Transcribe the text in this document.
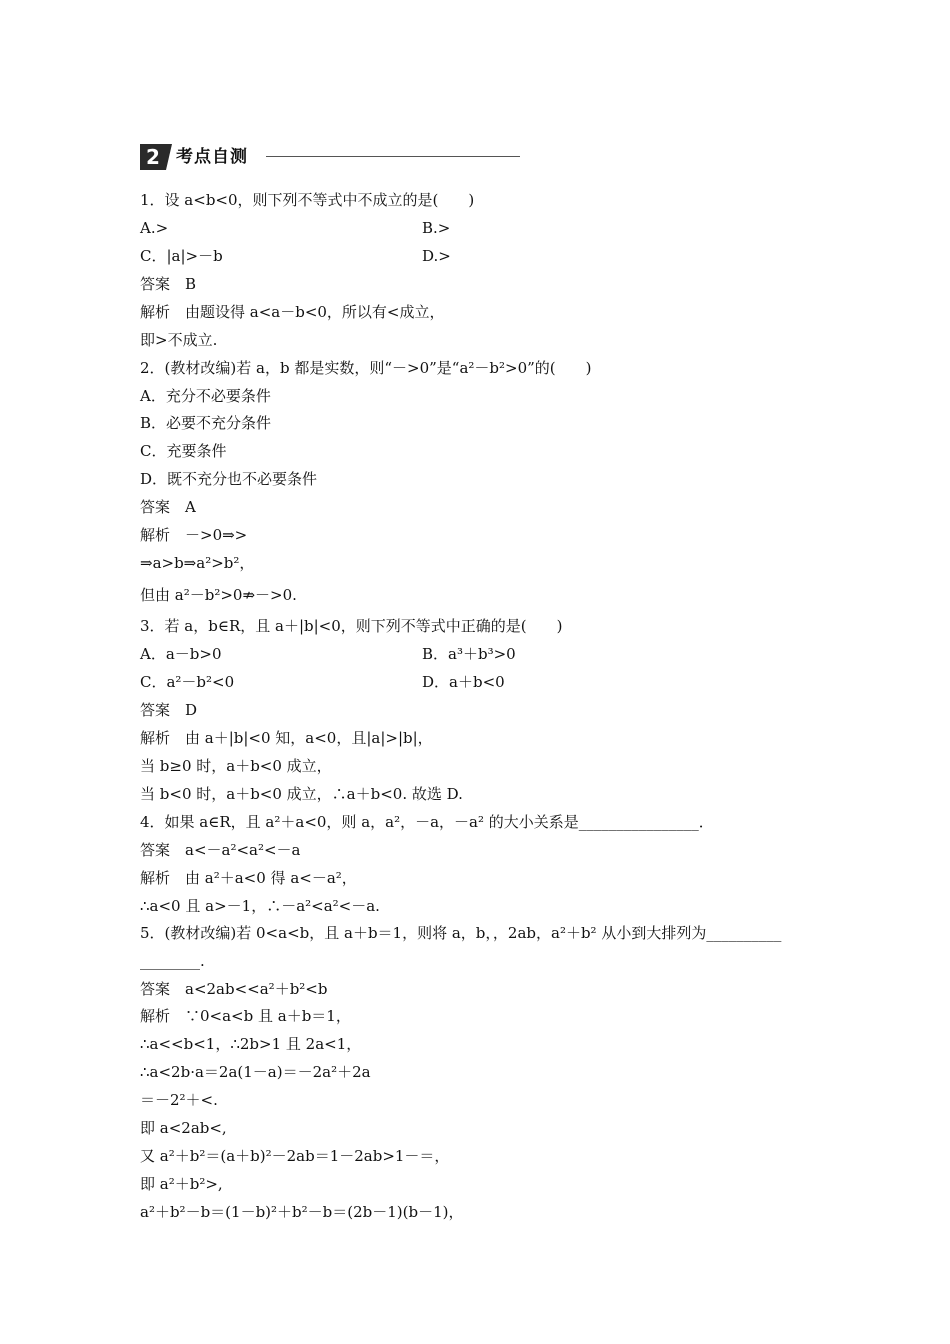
2 考点自测
1．设 a<b<0，则下列不等式中不成立的是(　　)
A.>	B.>
C．|a|>－b	D.>
答案　B
解析　由题设得 a<a－b<0，所以有<成立，
即>不成立.
2．(教材改编)若 a，b 都是实数，则“－>0”是“a²－b²>0”的(　　)
A．充分不必要条件
B．必要不充分条件
C．充要条件
D．既不充分也不必要条件
答案　A
解析　－>0⇒>
⇒a>b⇒a²>b²，
但由 a²－b²>0⇏－>0.
3．若 a，b∈R，且 a＋|b|<0，则下列不等式中正确的是(　　)
A．a－b>0	B．a³＋b³>0
C．a²－b²<0	D．a＋b<0
答案　D
解析　由 a＋|b|<0 知，a<0，且|a|>|b|，
当 b≥0 时，a＋b<0 成立，
当 b<0 时，a＋b<0 成立，∴a＋b<0. 故选 D.
4．如果 a∈R，且 a²＋a<0，则 a，a²，－a，－a² 的大小关系是________________．
答案　a<－a²<a²<－a
解析　由 a²＋a<0 得 a<－a²，
∴a<0 且 a>－1，∴－a²<a²<－a.
5．(教材改编)若 0<a<b，且 a＋b＝1，则将 a，b，，2ab，a²＋b² 从小到大排列为__________
________.
答案　a<2ab<<a²＋b²<b
解析　∵0<a<b 且 a＋b＝1，
∴a<<b<1，∴2b>1 且 2a<1，
∴a<2b·a＝2a(1－a)＝－2a²＋2a
＝－2²＋<.
即 a<2ab<,
又 a²＋b²＝(a＋b)²－2ab＝1－2ab>1－＝，
即 a²＋b²>,
a²＋b²－b＝(1－b)²＋b²－b＝(2b－1)(b－1)，
